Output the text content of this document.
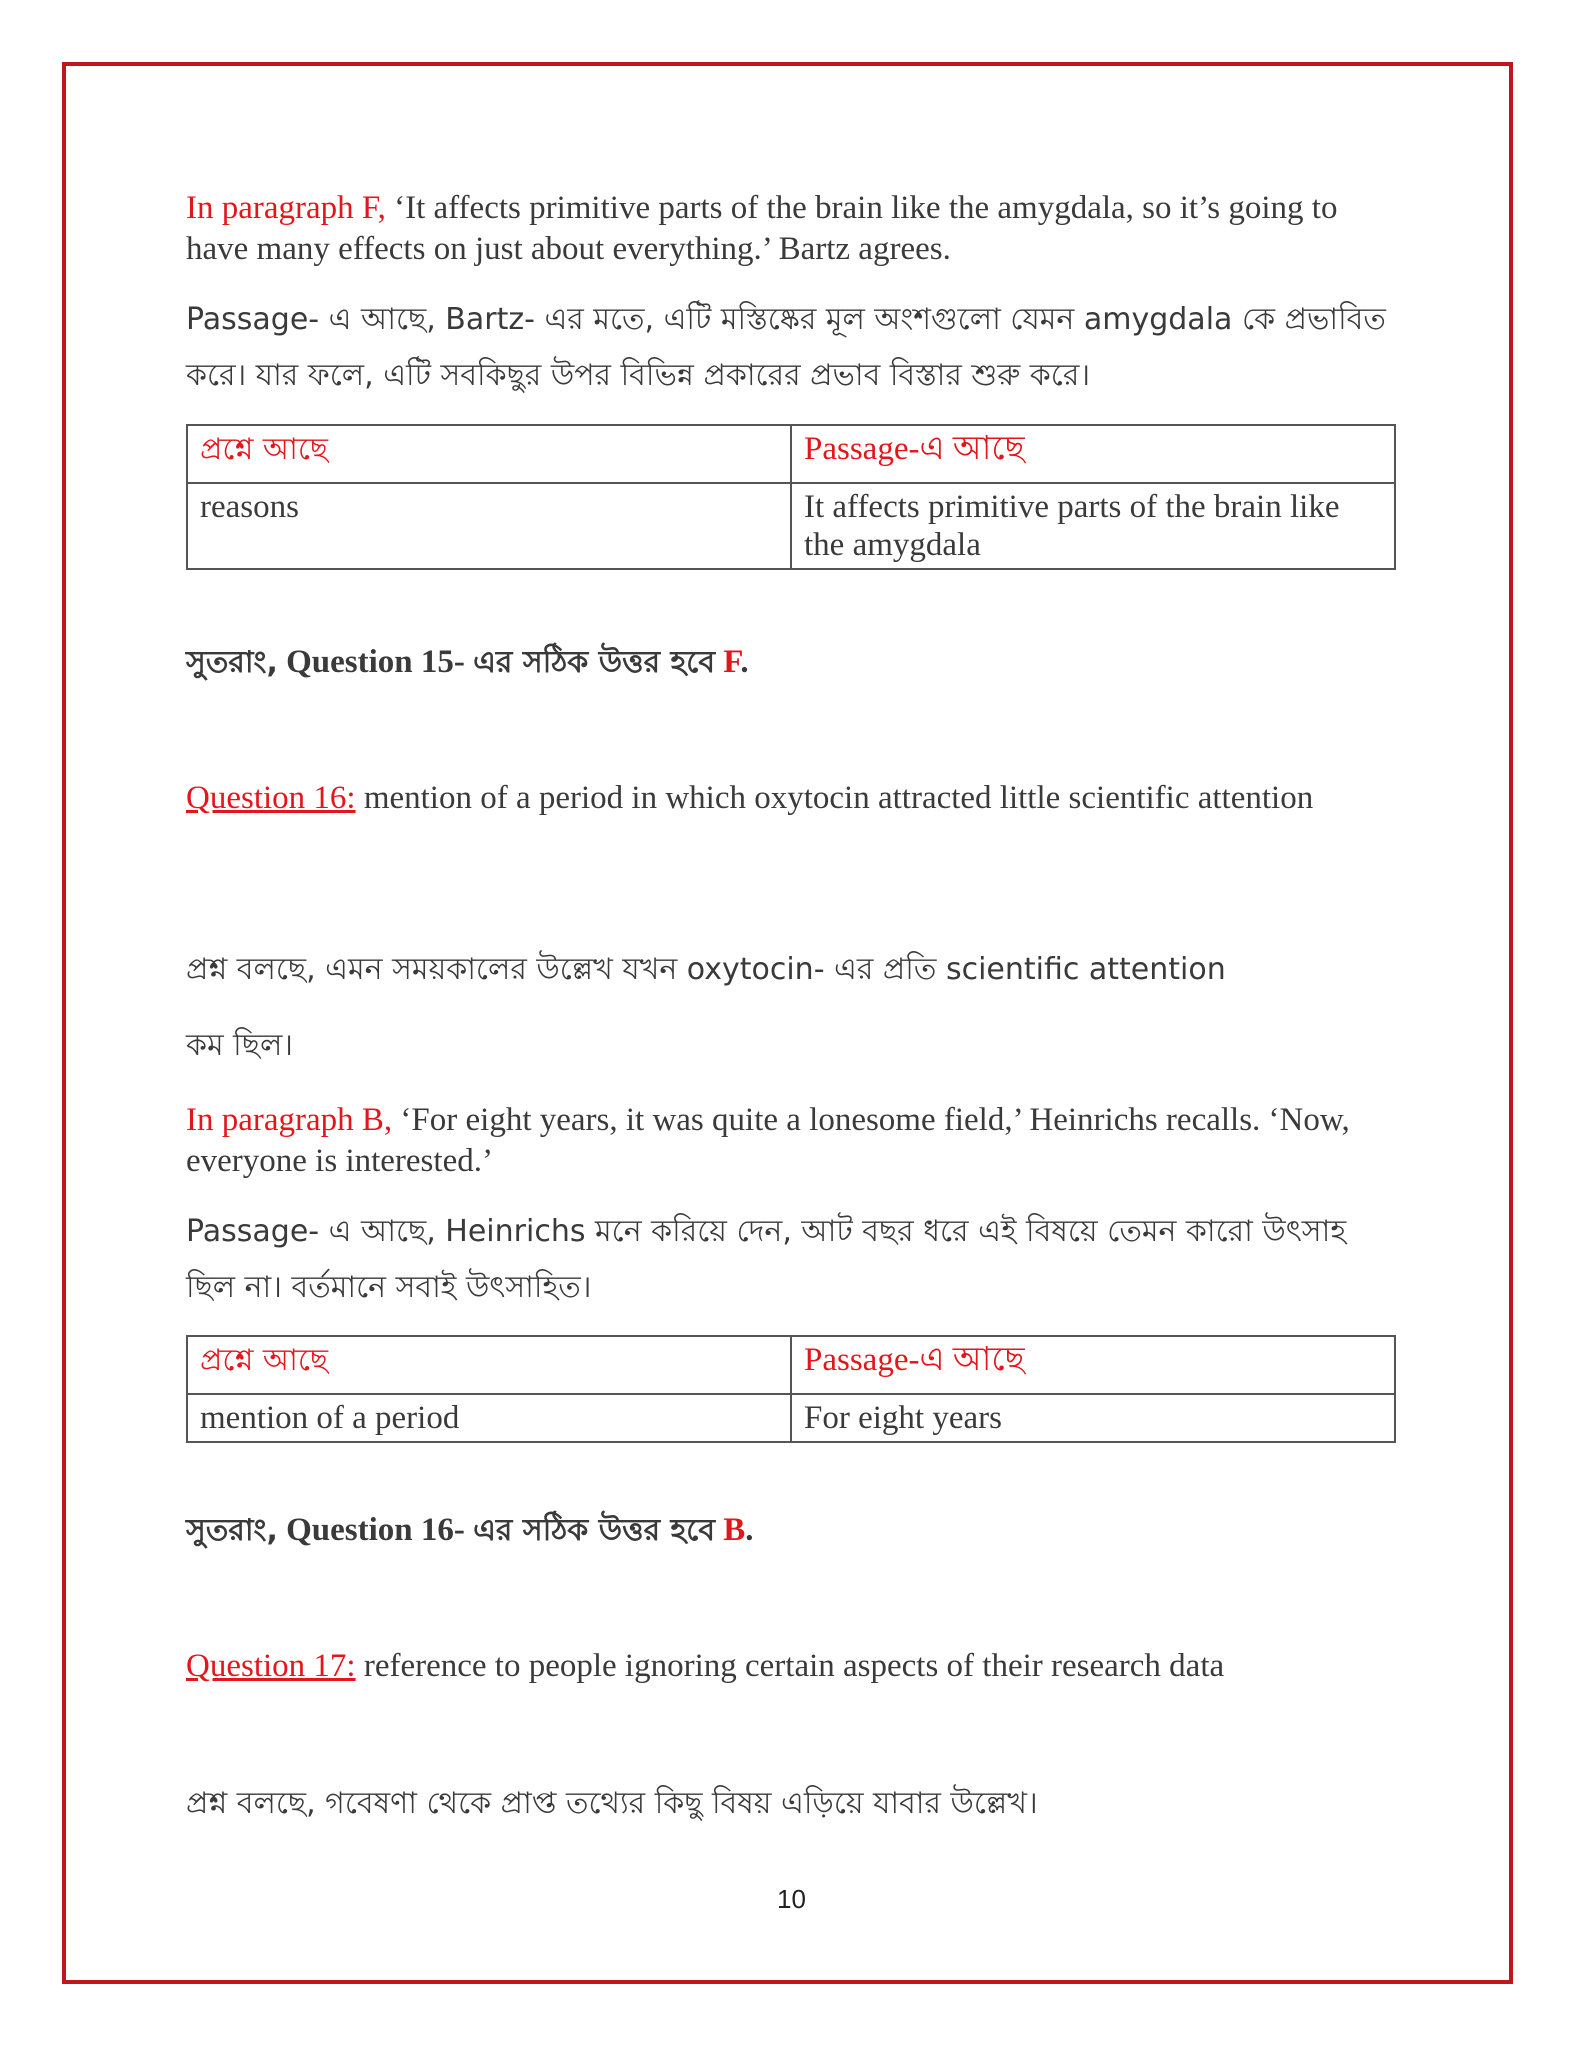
In paragraph F, ‘It affects primitive parts of the brain like the amygdala, so it’s going to have many effects on just about everything.’ Bartz agrees.

Passage- এ আছে, Bartz- এর মতে, এটি মস্তিষ্কের মূল অংশগুলো যেমন amygdala কে প্রভাবিত করে। যার ফলে, এটি সবকিছুর উপর বিভিন্ন প্রকারের প্রভাব বিস্তার শুরু করে।

প্রশ্নে আছে	Passage-এ আছে
reasons	It affects primitive parts of the brain like the amygdala

সুতরাং, Question 15- এর সঠিক উত্তর হবে F.

Question 16: mention of a period in which oxytocin attracted little scientific attention

প্রশ্ন বলছে, এমন সময়কালের উল্লেখ যখন oxytocin- এর প্রতি scientific attention

কম ছিল।

In paragraph B, ‘For eight years, it was quite a lonesome field,’ Heinrichs recalls. ‘Now, everyone is interested.’

Passage- এ আছে, Heinrichs মনে করিয়ে দেন, আট বছর ধরে এই বিষয়ে তেমন কারো উৎসাহ ছিল না। বর্তমানে সবাই উৎসাহিত।

প্রশ্নে আছে	Passage-এ আছে
mention of a period	For eight years

সুতরাং, Question 16- এর সঠিক উত্তর হবে B.

Question 17: reference to people ignoring certain aspects of their research data

প্রশ্ন বলছে, গবেষণা থেকে প্রাপ্ত তথ্যের কিছু বিষয় এড়িয়ে যাবার উল্লেখ।

10
